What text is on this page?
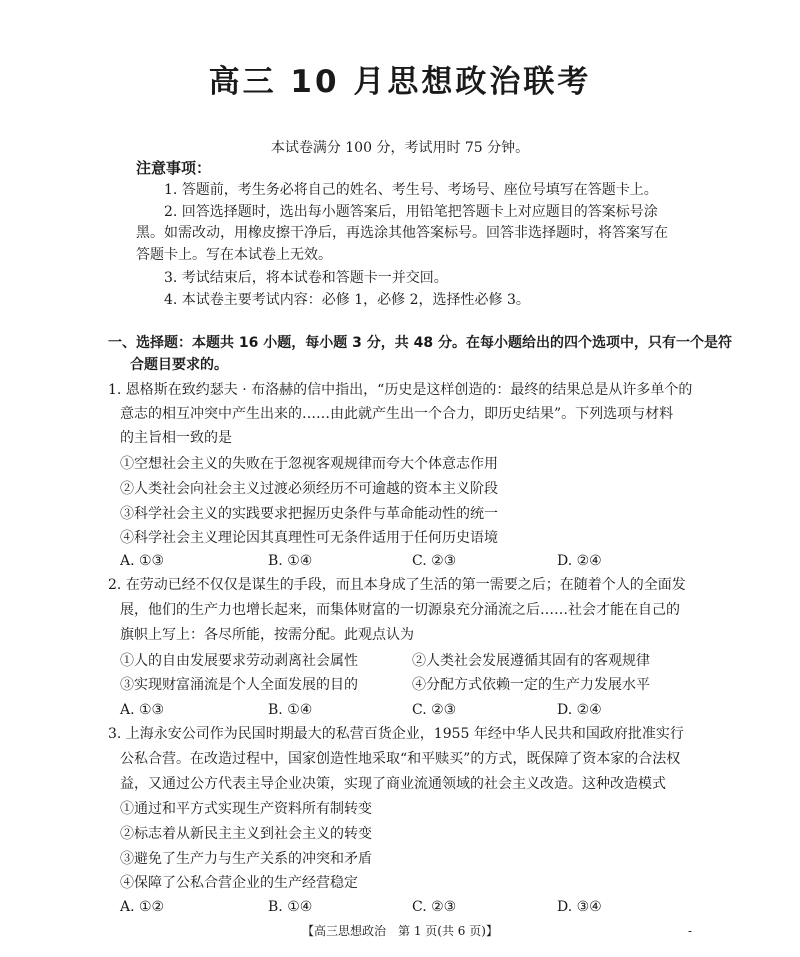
高三 10 月思想政治联考
本试卷满分 100 分，考试用时 75 分钟。
注意事项：
1. 答题前，考生务必将自己的姓名、考生号、考场号、座位号填写在答题卡上。
2. 回答选择题时，选出每小题答案后，用铅笔把答题卡上对应题目的答案标号涂
黑。如需改动，用橡皮擦干净后，再选涂其他答案标号。回答非选择题时，将答案写在
答题卡上。写在本试卷上无效。
3. 考试结束后，将本试卷和答题卡一并交回。
4. 本试卷主要考试内容：必修 1，必修 2，选择性必修 3。
一、选择题：本题共 16 小题，每小题 3 分，共 48 分。在每小题给出的四个选项中，只有一个是符
合题目要求的。
1. 恩格斯在致约瑟夫 · 布洛赫的信中指出，“历史是这样创造的：最终的结果总是从许多单个的
意志的相互冲突中产生出来的……由此就产生出一个合力，即历史结果”。下列选项与材料
的主旨相一致的是
①空想社会主义的失败在于忽视客观规律而夸大个体意志作用
②人类社会向社会主义过渡必须经历不可逾越的资本主义阶段
③科学社会主义的实践要求把握历史条件与革命能动性的统一
④科学社会主义理论因其真理性可无条件适用于任何历史语境
A. ①③	B. ①④	C. ②③	D. ②④
2. 在劳动已经不仅仅是谋生的手段，而且本身成了生活的第一需要之后；在随着个人的全面发
展，他们的生产力也增长起来，而集体财富的一切源泉充分涌流之后……社会才能在自己的
旗帜上写上：各尽所能，按需分配。此观点认为
①人的自由发展要求劳动剥离社会属性	②人类社会发展遵循其固有的客观规律
③实现财富涌流是个人全面发展的目的	④分配方式依赖一定的生产力发展水平
A. ①③	B. ①④	C. ②③	D. ②④
3. 上海永安公司作为民国时期最大的私营百货企业，1955 年经中华人民共和国政府批准实行
公私合营。在改造过程中，国家创造性地采取“和平赎买”的方式，既保障了资本家的合法权
益，又通过公方代表主导企业决策，实现了商业流通领域的社会主义改造。这种改造模式
①通过和平方式实现生产资料所有制转变
②标志着从新民主主义到社会主义的转变
③避免了生产力与生产关系的冲突和矛盾
④保障了公私合营企业的生产经营稳定
A. ①②	B. ①④	C. ②③	D. ③④
【高三思想政治　第 1 页(共 6 页)】	-
